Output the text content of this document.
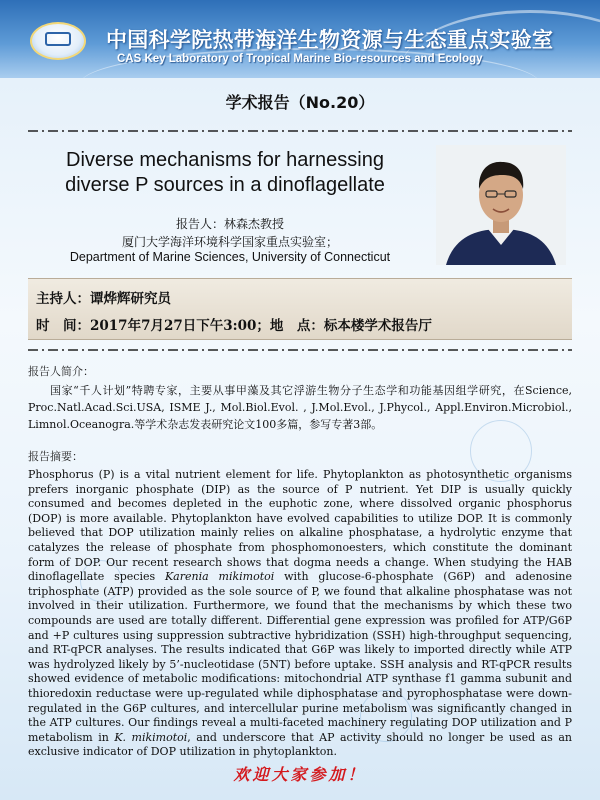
中国科学院热带海洋生物资源与生态重点实验室
CAS Key Laboratory of Tropical Marine Bio-resources and Ecology
学术报告（No.20）
Diverse mechanisms for harnessing
diverse P sources in a dinoflagellate
报告人：林森杰教授
厦门大学海洋环境科学国家重点实验室；
Department of Marine Sciences, University of Connecticut
主持人：谭烨辉研究员
时　间：2017年7月27日下午3:00；地　点：标本楼学术报告厅
报告人简介：
国家“千人计划”特聘专家，主要从事甲藻及其它浮游生物分子生态学和功能基因组学研究，在Science, Proc.Natl.Acad.Sci.USA, ISME J., Mol.Biol.Evol. , J.Mol.Evol., J.Phycol., Appl.Environ.Microbiol., Limnol.Oceanogra.等学术杂志发表研究论文100多篇，参写专著3部。
报告摘要：
Phosphorus (P) is a vital nutrient element for life. Phytoplankton as photosynthetic organisms prefers inorganic phosphate (DIP) as the source of P nutrient. Yet DIP is usually quickly consumed and becomes depleted in the euphotic zone, where dissolved organic phosphorus (DOP) is more available. Phytoplankton have evolved capabilities to utilize DOP. It is commonly believed that DOP utilization mainly relies on alkaline phosphatase, a hydrolytic enzyme that catalyzes the release of phosphate from phosphomonoesters, which constitute the dominant form of DOP. Our recent research shows that dogma needs a change. When studying the HAB dinoflagellate species Karenia mikimotoi with glucose-6-phosphate (G6P) and adenosine triphosphate (ATP) provided as the sole source of P, we found that alkaline phosphatase was not involved in their utilization. Furthermore, we found that the mechanisms by which these two compounds are used are totally different. Differential gene expression was profiled for ATP/G6P and +P cultures using suppression subtractive hybridization (SSH) high-throughput sequencing, and RT-qPCR analyses. The results indicated that G6P was likely to imported directly while ATP was hydrolyzed likely by 5’-nucleotidase (5NT) before uptake. SSH analysis and RT-qPCR results showed evidence of metabolic modifications: mitochondrial ATP synthase f1 gamma subunit and thioredoxin reductase were up-regulated while diphosphatase and pyrophosphatase were down-regulated in the G6P cultures, and intercellular purine metabolism was significantly changed in the ATP cultures. Our findings reveal a multi-faceted machinery regulating DOP utilization and P metabolism in K. mikimotoi, and underscore that AP activity should no longer be used as an exclusive indicator of DOP utilization in phytoplankton.
欢迎大家参加！
